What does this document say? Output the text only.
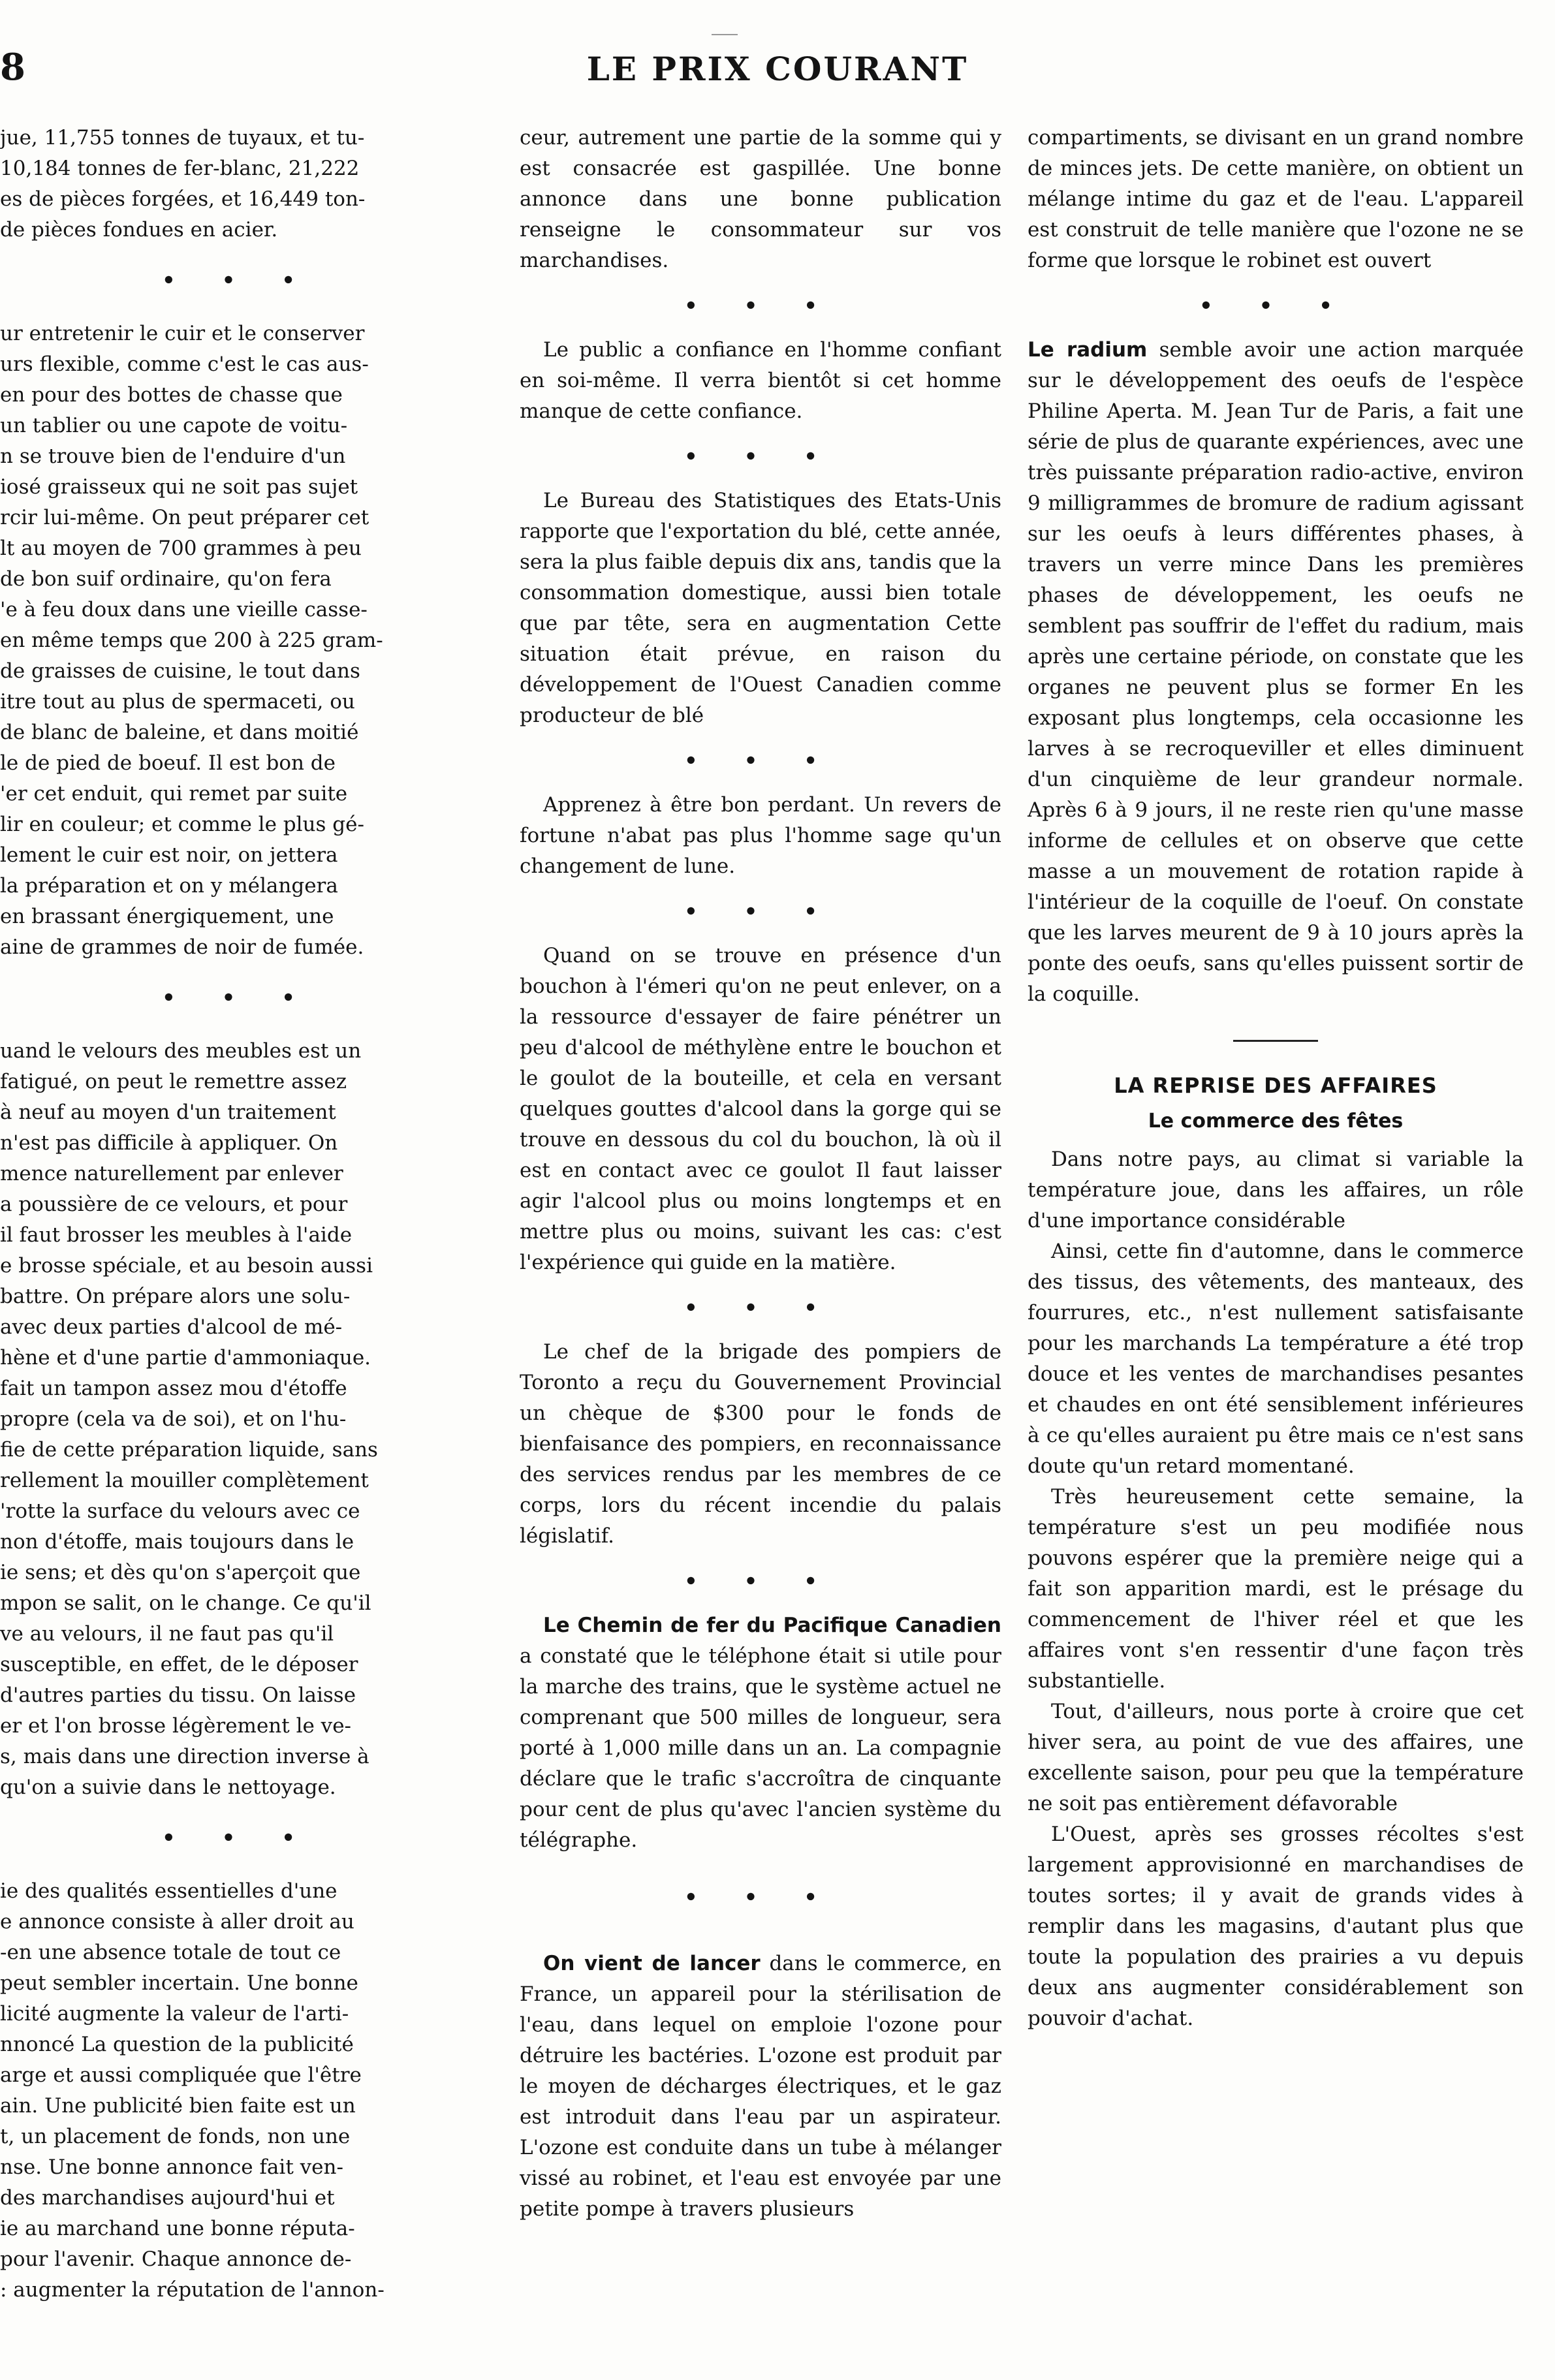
8	LE PRIX COURANT
jue, 11,755 tonnes de tuyaux, et tu-
10,184 tonnes de fer-blanc, 21,222
es de pièces forgées, et 16,449 ton-
de pièces fondues en acier.
• • •
ur entretenir le cuir et le conserver
urs flexible, comme c'est le cas aus-
en pour des bottes de chasse que
un tablier ou une capote de voitu-
n se trouve bien de l'enduire d'un
iosé graisseux qui ne soit pas sujet
rcir lui-même. On peut préparer cet
lt au moyen de 700 grammes à peu
de bon suif ordinaire, qu'on fera
'e à feu doux dans une vieille casse-
en même temps que 200 à 225 gram-
de graisses de cuisine, le tout dans
itre tout au plus de spermaceti, ou
de blanc de baleine, et dans moitié
le de pied de boeuf. Il est bon de
'er cet enduit, qui remet par suite
lir en couleur; et comme le plus gé-
lement le cuir est noir, on jettera
la préparation et on y mélangera
en brassant énergiquement, une
aine de grammes de noir de fumée.
• • •
uand le velours des meubles est un
fatigué, on peut le remettre assez
à neuf au moyen d'un traitement
n'est pas difficile à appliquer. On
mence naturellement par enlever
a poussière de ce velours, et pour
il faut brosser les meubles à l'aide
e brosse spéciale, et au besoin aussi
battre. On prépare alors une solu-
avec deux parties d'alcool de mé-
hène et d'une partie d'ammoniaque.
fait un tampon assez mou d'étoffe
propre (cela va de soi), et on l'hu-
fie de cette préparation liquide, sans
rellement la mouiller complètement
'rotte la surface du velours avec ce
non d'étoffe, mais toujours dans le
ie sens; et dès qu'on s'aperçoit que
mpon se salit, on le change. Ce qu'il
ve au velours, il ne faut pas qu'il
susceptible, en effet, de le déposer
d'autres parties du tissu. On laisse
er et l'on brosse légèrement le ve-
s, mais dans une direction inverse à
qu'on a suivie dans le nettoyage.
• • •
ie des qualités essentielles d'une
e annonce consiste à aller droit au
-en une absence totale de tout ce
peut sembler incertain. Une bonne
licité augmente la valeur de l'arti-
nnoncé La question de la publicité
arge et aussi compliquée que l'être
ain. Une publicité bien faite est un
t, un placement de fonds, non une
nse. Une bonne annonce fait ven-
des marchandises aujourd'hui et
ie au marchand une bonne réputa-
pour l'avenir. Chaque annonce de-
: augmenter la réputation de l'annon-

ceur, autrement une partie de la somme qui y est consacrée est gaspillée. Une bonne annonce dans une bonne publication renseigne le consommateur sur vos marchandises.

• • •

Le public a confiance en l'homme confiant en soi-même. Il verra bientôt si cet homme manque de cette confiance.

• • •

Le Bureau des Statistiques des Etats-Unis rapporte que l'exportation du blé, cette année, sera la plus faible depuis dix ans, tandis que la consommation domestique, aussi bien totale que par tête, sera en augmentation Cette situation était prévue, en raison du développement de l'Ouest Canadien comme producteur de blé

• • •

Apprenez à être bon perdant. Un revers de fortune n'abat pas plus l'homme sage qu'un changement de lune.

• • •

Quand on se trouve en présence d'un bouchon à l'émeri qu'on ne peut enlever, on a la ressource d'essayer de faire pénétrer un peu d'alcool de méthylène entre le bouchon et le goulot de la bouteille, et cela en versant quelques gouttes d'alcool dans la gorge qui se trouve en dessous du col du bouchon, là où il est en contact avec ce goulot Il faut laisser agir l'alcool plus ou moins longtemps et en mettre plus ou moins, suivant les cas: c'est l'expérience qui guide en la matière.

• • •

Le chef de la brigade des pompiers de Toronto a reçu du Gouvernement Provincial un chèque de $300 pour le fonds de bienfaisance des pompiers, en reconnaissance des services rendus par les membres de ce corps, lors du récent incendie du palais législatif.

• • •

Le Chemin de fer du Pacifique Canadien a constaté que le téléphone était si utile pour la marche des trains, que le système actuel ne comprenant que 500 milles de longueur, sera porté à 1,000 mille dans un an. La compagnie déclare que le trafic s'accroîtra de cinquante pour cent de plus qu'avec l'ancien système du télégraphe.

• • •

On vient de lancer dans le commerce, en France, un appareil pour la stérilisation de l'eau, dans lequel on emploie l'ozone pour détruire les bactéries. L'ozone est produit par le moyen de décharges électriques, et le gaz est introduit dans l'eau par un aspirateur. L'ozone est conduite dans un tube à mélanger vissé au robinet, et l'eau est envoyée par une petite pompe à travers plusieurs

compartiments, se divisant en un grand nombre de minces jets. De cette manière, on obtient un mélange intime du gaz et de l'eau. L'appareil est construit de telle manière que l'ozone ne se forme que lorsque le robinet est ouvert

• • •

Le radium semble avoir une action marquée sur le développement des oeufs de l'espèce Philine Aperta. M. Jean Tur de Paris, a fait une série de plus de quarante expériences, avec une très puissante préparation radio-active, environ 9 milligrammes de bromure de radium agissant sur les oeufs à leurs différentes phases, à travers un verre mince Dans les premières phases de développement, les oeufs ne semblent pas souffrir de l'effet du radium, mais après une certaine période, on constate que les organes ne peuvent plus se former En les exposant plus longtemps, cela occasionne les larves à se recroqueviller et elles diminuent d'un cinquième de leur grandeur normale. Après 6 à 9 jours, il ne reste rien qu'une masse informe de cellules et on observe que cette masse a un mouvement de rotation rapide à l'intérieur de la coquille de l'oeuf. On constate que les larves meurent de 9 à 10 jours après la ponte des oeufs, sans qu'elles puissent sortir de la coquille.

LA REPRISE DES AFFAIRES
Le commerce des fêtes

Dans notre pays, au climat si variable la température joue, dans les affaires, un rôle d'une importance considérable

Ainsi, cette fin d'automne, dans le commerce des tissus, des vêtements, des manteaux, des fourrures, etc., n'est nullement satisfaisante pour les marchands La température a été trop douce et les ventes de marchandises pesantes et chaudes en ont été sensiblement inférieures à ce qu'elles auraient pu être mais ce n'est sans doute qu'un retard momentané.

Très heureusement cette semaine, la température s'est un peu modifiée nous pouvons espérer que la première neige qui a fait son apparition mardi, est le présage du commencement de l'hiver réel et que les affaires vont s'en ressentir d'une façon très substantielle.

Tout, d'ailleurs, nous porte à croire que cet hiver sera, au point de vue des affaires, une excellente saison, pour peu que la température ne soit pas entièrement défavorable

L'Ouest, après ses grosses récoltes s'est largement approvisionné en marchandises de toutes sortes; il y avait de grands vides à remplir dans les magasins, d'autant plus que toute la population des prairies a vu depuis deux ans augmenter considérablement son pouvoir d'achat.
